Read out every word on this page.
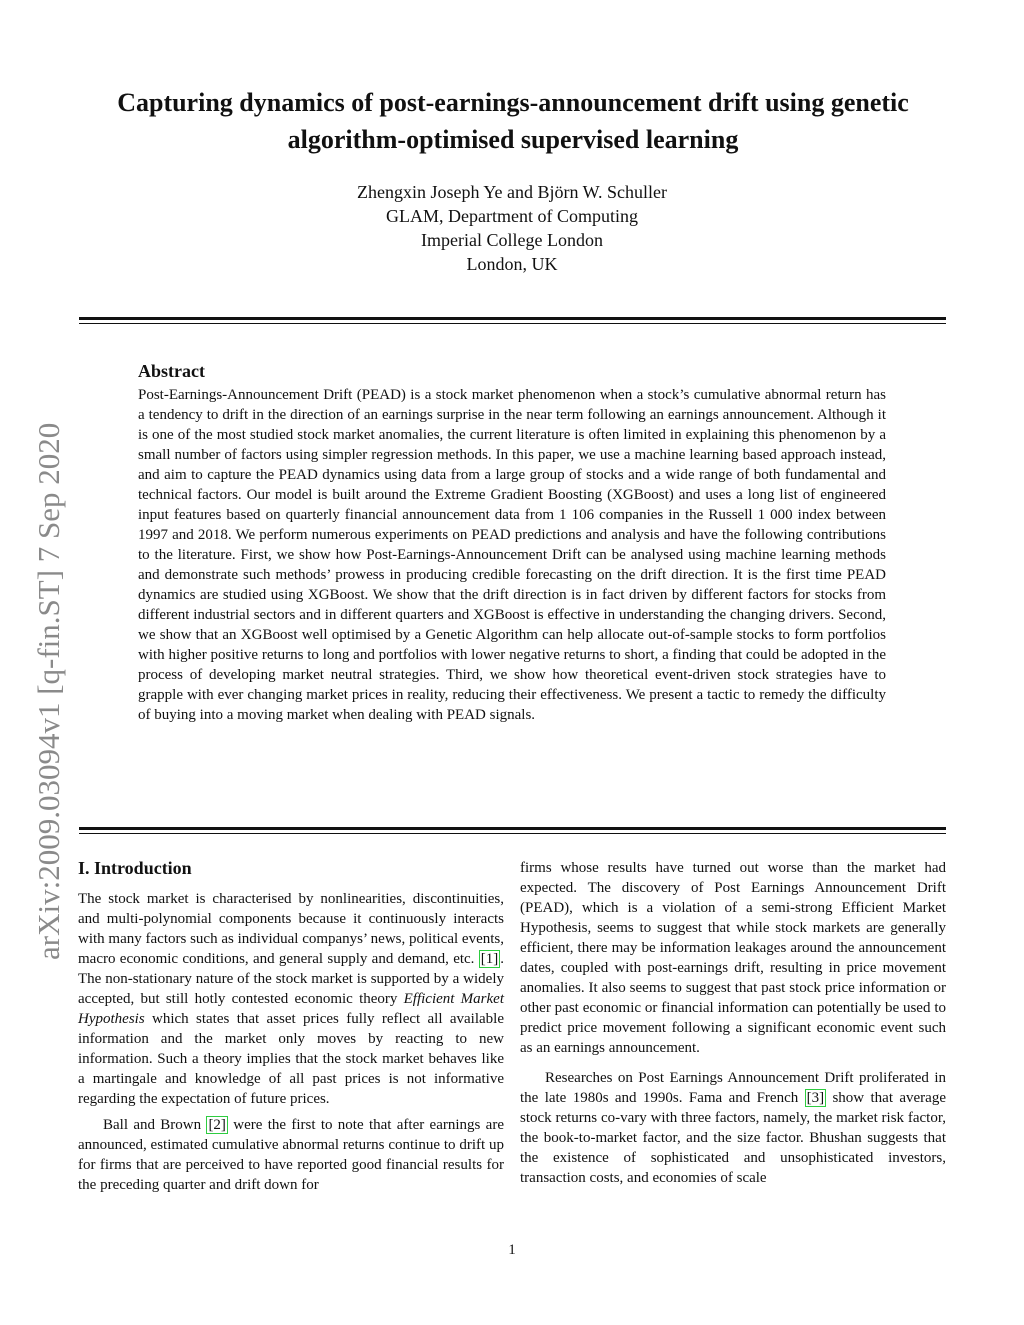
arXiv:2009.03094v1 [q-fin.ST] 7 Sep 2020
Capturing dynamics of post-earnings-announcement drift using genetic algorithm-optimised supervised learning
Zhengxin Joseph Ye and Björn W. Schuller
GLAM, Department of Computing
Imperial College London
London, UK
Abstract

Post-Earnings-Announcement Drift (PEAD) is a stock market phenomenon when a stock’s cumulative abnormal return has a tendency to drift in the direction of an earnings surprise in the near term following an earnings announcement. Although it is one of the most studied stock market anomalies, the current literature is often limited in explaining this phenomenon by a small number of factors using simpler regression methods. In this paper, we use a machine learning based approach instead, and aim to capture the PEAD dynamics using data from a large group of stocks and a wide range of both fundamental and technical factors. Our model is built around the Extreme Gradient Boosting (XGBoost) and uses a long list of engineered input features based on quarterly financial announcement data from 1 106 companies in the Russell 1 000 index between 1997 and 2018. We perform numerous experiments on PEAD predictions and analysis and have the following contributions to the literature. First, we show how Post-Earnings-Announcement Drift can be analysed using machine learning methods and demonstrate such methods’ prowess in producing credible forecasting on the drift direction. It is the first time PEAD dynamics are studied using XGBoost. We show that the drift direction is in fact driven by different factors for stocks from different industrial sectors and in different quarters and XGBoost is effective in understanding the changing drivers. Second, we show that an XGBoost well optimised by a Genetic Algorithm can help allocate out-of-sample stocks to form portfolios with higher positive returns to long and portfolios with lower negative returns to short, a finding that could be adopted in the process of developing market neutral strategies. Third, we show how theoretical event-driven stock strategies have to grapple with ever changing market prices in reality, reducing their effectiveness. We present a tactic to remedy the difficulty of buying into a moving market when dealing with PEAD signals.

I. Introduction

The stock market is characterised by nonlinearities, discontinuities, and multi-polynomial components because it continuously interacts with many factors such as individual companys’ news, political events, macro economic conditions, and general supply and demand, etc. [1] . The non-stationary nature of the stock market is supported by a widely accepted, but still hotly contested economic theory Efficient Market Hypothesis which states that asset prices fully reflect all available information and the market only moves by reacting to new information. Such a theory implies that the stock market behaves like a martingale and knowledge of all past prices is not informative regarding the expectation of future prices.

Ball and Brown [2] were the first to note that after earnings are announced, estimated cumulative abnormal returns continue to drift up for firms that are perceived to have reported good financial results for the preceding quarter and drift down for

firms whose results have turned out worse than the market had expected. The discovery of Post Earnings Announcement Drift (PEAD), which is a violation of a semi-strong Efficient Market Hypothesis, seems to suggest that while stock markets are generally efficient, there may be information leakages around the announcement dates, coupled with post-earnings drift, resulting in price movement anomalies. It also seems to suggest that past stock price information or other past economic or financial information can potentially be used to predict price movement following a significant economic event such as an earnings announcement.

Researches on Post Earnings Announcement Drift proliferated in the late 1980s and 1990s. Fama and French [3] show that average stock returns co-vary with three factors, namely, the market risk factor, the book-to-market factor, and the size factor. Bhushan suggests that the existence of sophisticated and unsophisticated investors, transaction costs, and economies of scale

1
